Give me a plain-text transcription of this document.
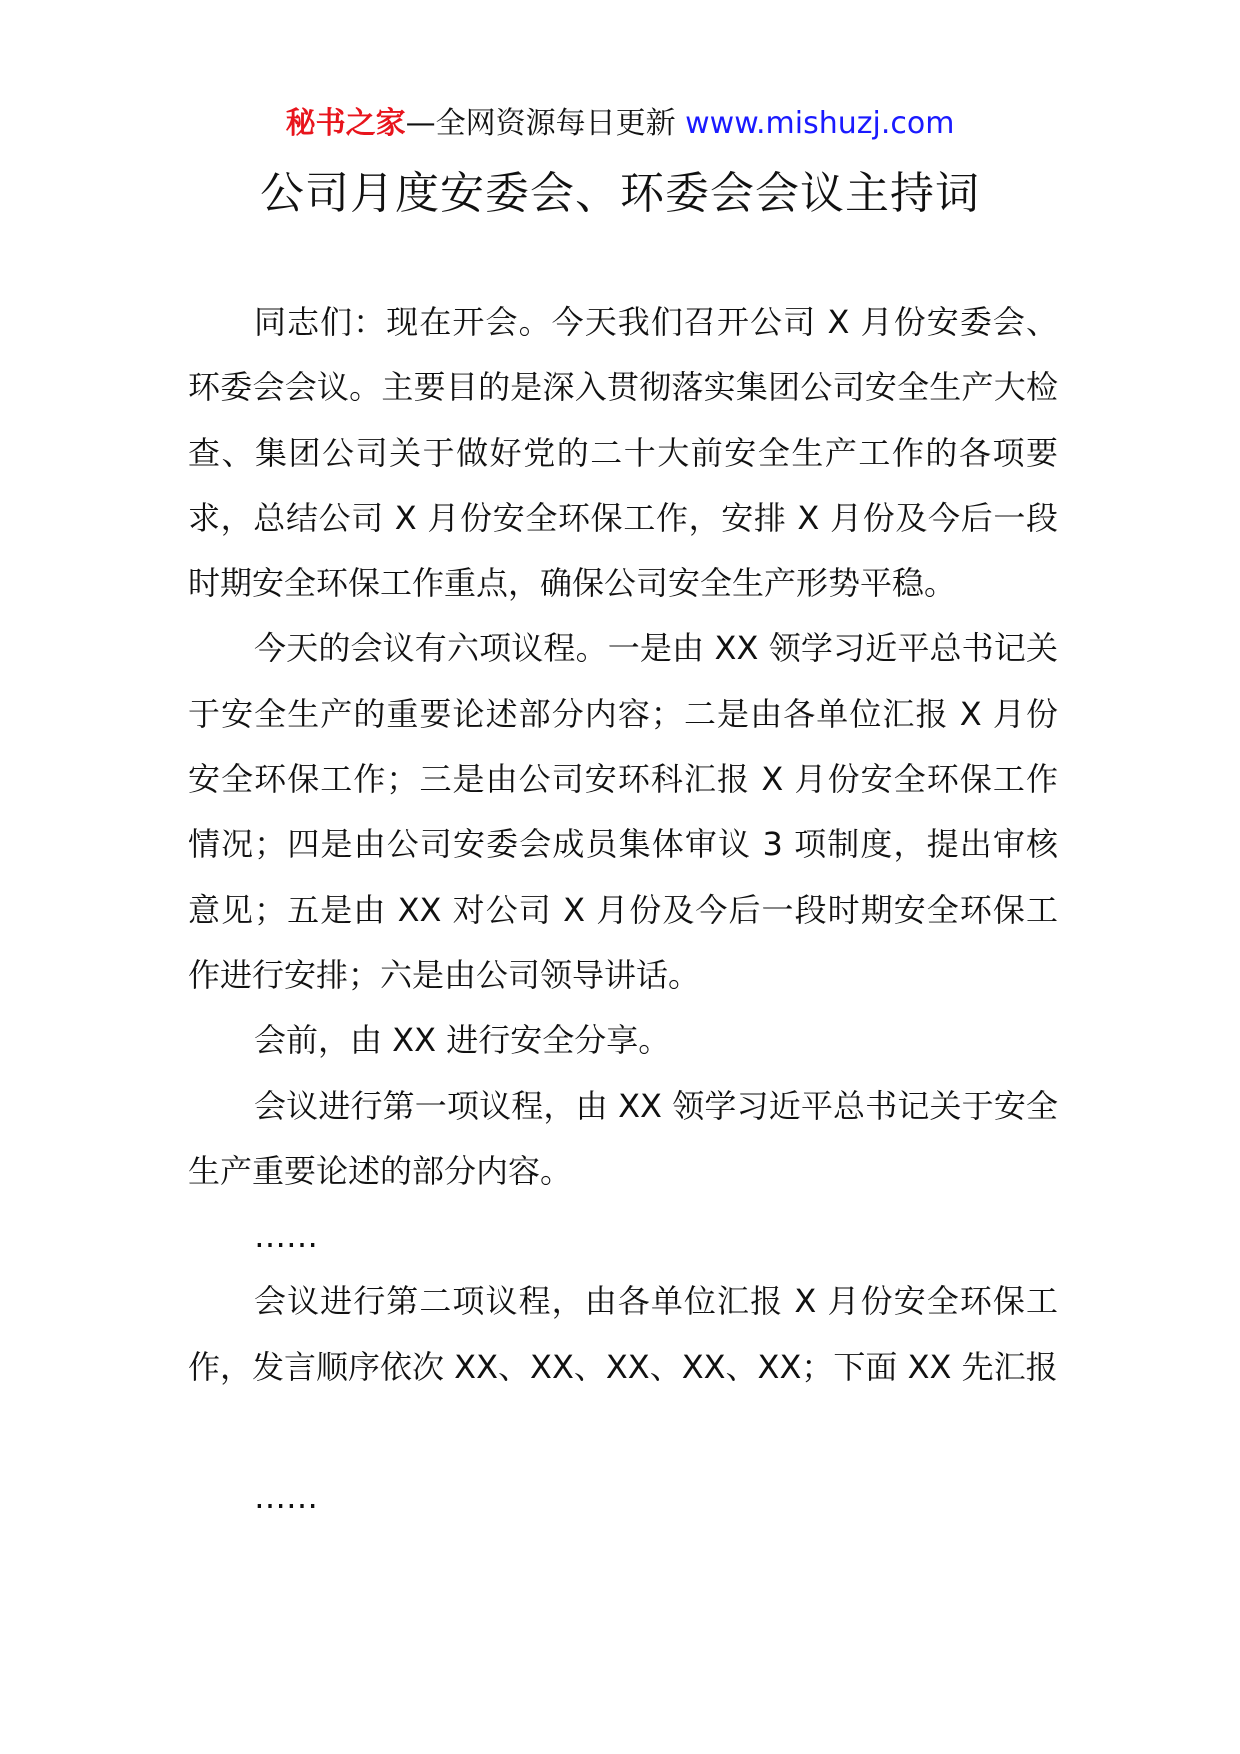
秘书之家—全网资源每日更新 www.mishuzj.com
公司月度安委会、环委会会议主持词

同志们：现在开会。今天我们召开公司 X 月份安委会、环委会会议。主要目的是深入贯彻落实集团公司安全生产大检查、集团公司关于做好党的二十大前安全生产工作的各项要求，总结公司 X 月份安全环保工作，安排 X 月份及今后一段时期安全环保工作重点，确保公司安全生产形势平稳。

今天的会议有六项议程。一是由 XX 领学习近平总书记关于安全生产的重要论述部分内容；二是由各单位汇报 X 月份安全环保工作；三是由公司安环科汇报 X 月份安全环保工作情况；四是由公司安委会成员集体审议 3 项制度，提出审核意见；五是由 XX 对公司 X 月份及今后一段时期安全环保工作进行安排；六是由公司领导讲话。

会前，由 XX 进行安全分享。

会议进行第一项议程，由 XX 领学习近平总书记关于安全生产重要论述的部分内容。

……

会议进行第二项议程，由各单位汇报 X 月份安全环保工作，发言顺序依次 XX、XX、XX、XX、XX；下面 XX 先汇报

……
